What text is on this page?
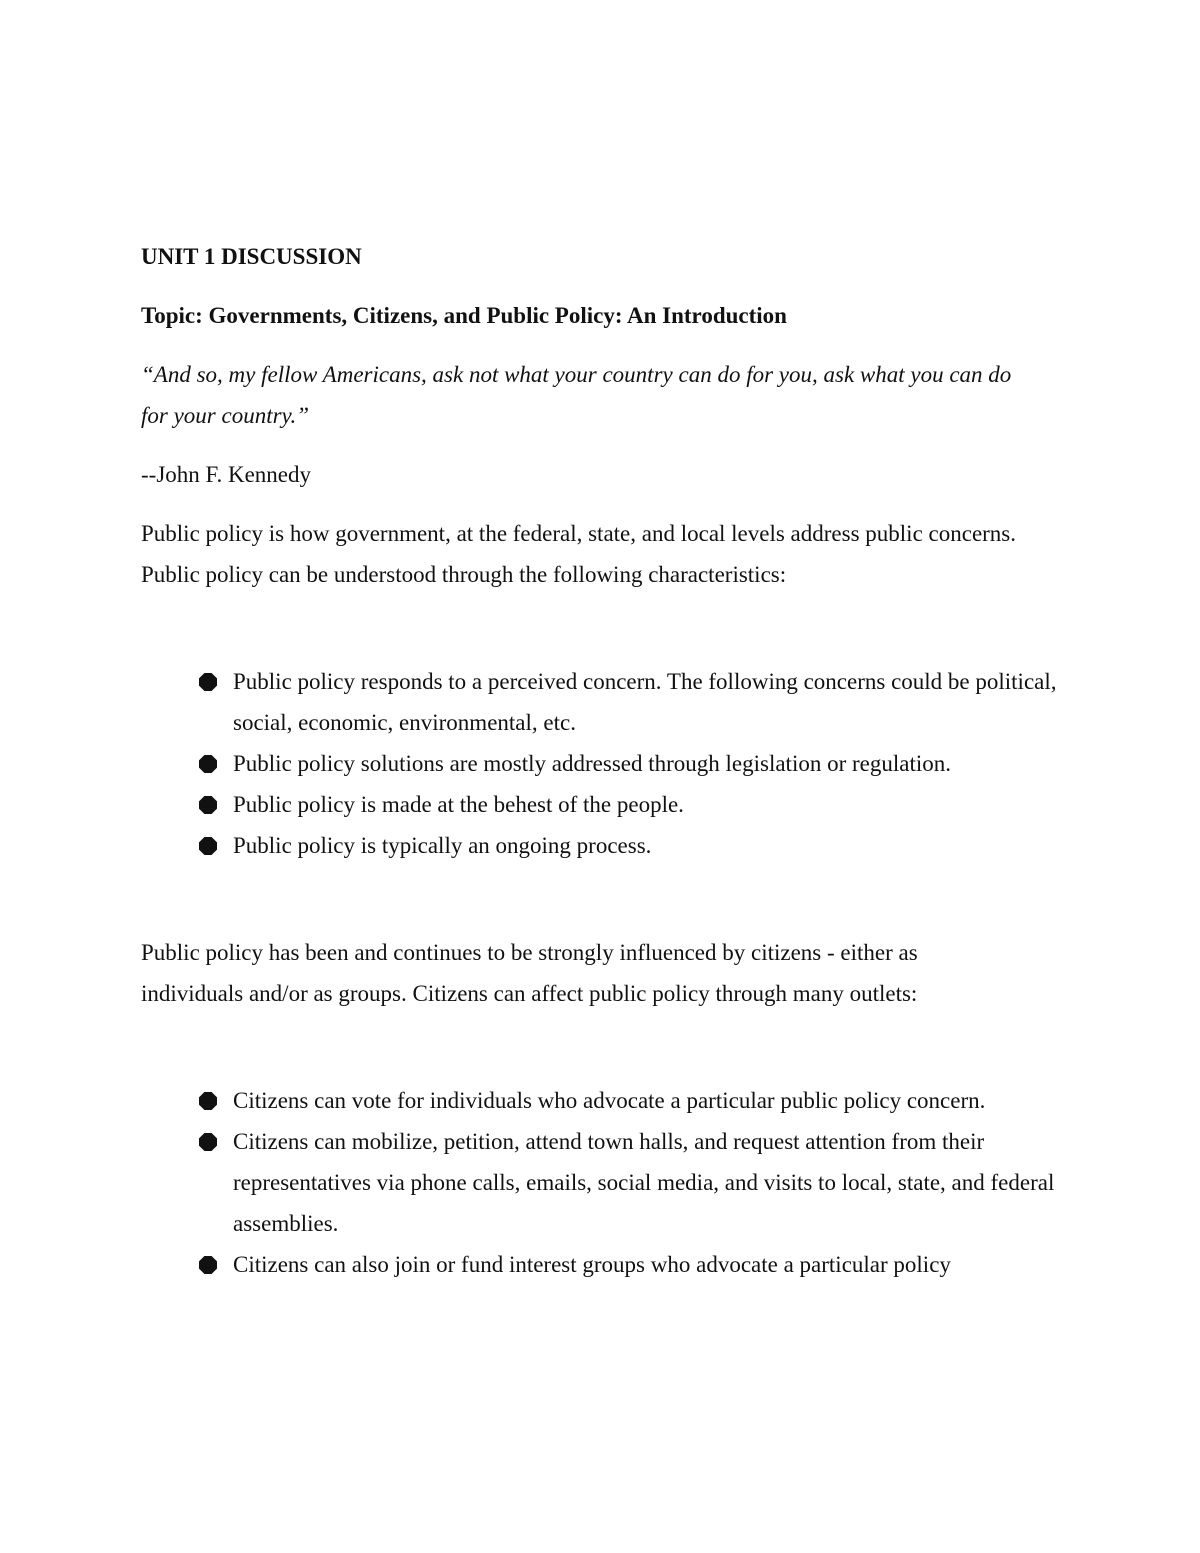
UNIT 1 DISCUSSION
Topic: Governments, Citizens, and Public Policy: An Introduction
“And so, my fellow Americans, ask not what your country can do for you, ask what you can do for your country.”
--John F. Kennedy

Public policy is how government, at the federal, state, and local levels address public concerns. Public policy can be understood through the following characteristics:

Public policy responds to a perceived concern. The following concerns could be political, social, economic, environmental, etc.
Public policy solutions are mostly addressed through legislation or regulation.
Public policy is made at the behest of the people.
Public policy is typically an ongoing process.

Public policy has been and continues to be strongly influenced by citizens - either as individuals and/or as groups. Citizens can affect public policy through many outlets:

Citizens can vote for individuals who advocate a particular public policy concern.
Citizens can mobilize, petition, attend town halls, and request attention from their representatives via phone calls, emails, social media, and visits to local, state, and federal assemblies.
Citizens can also join or fund interest groups who advocate a particular policy
